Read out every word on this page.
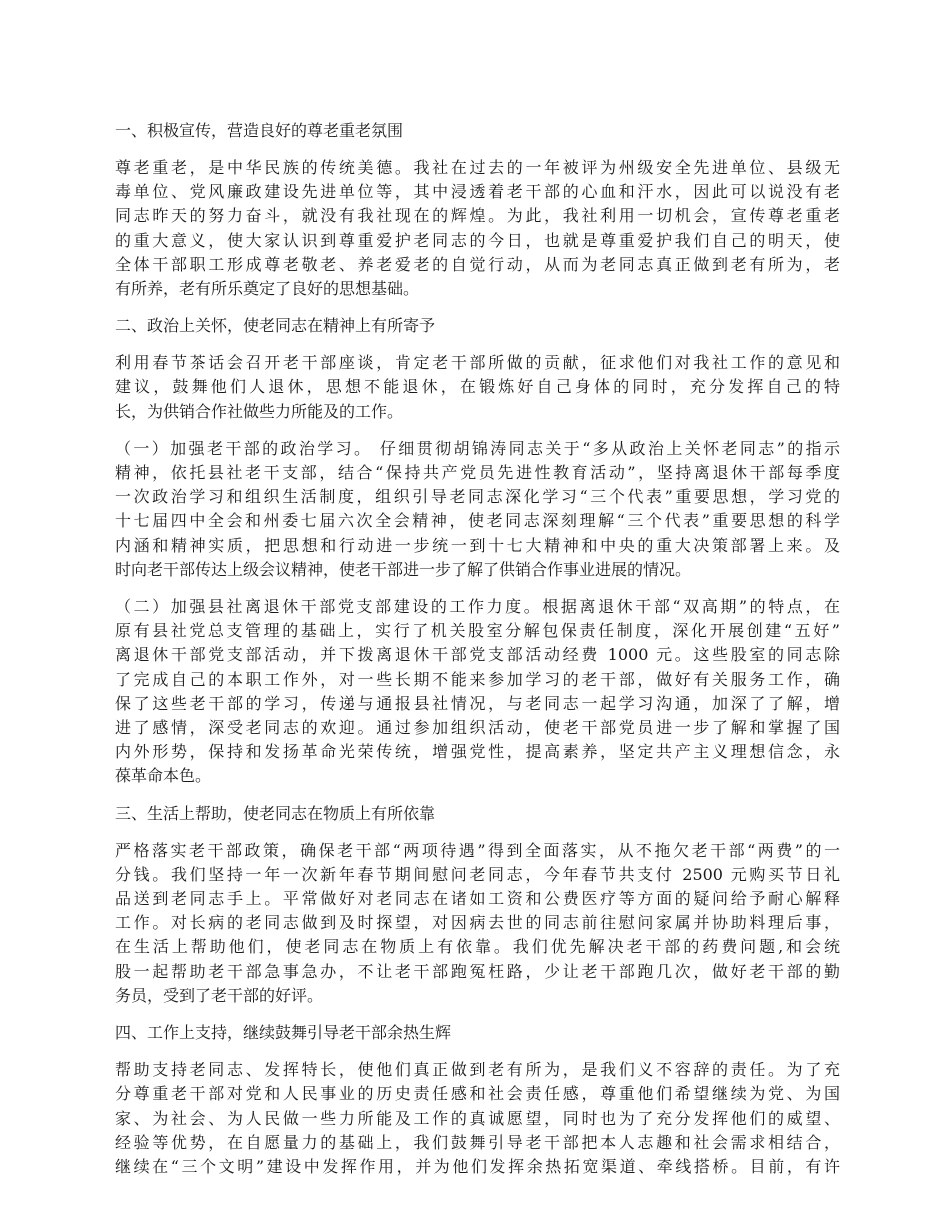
一、积极宣传，营造良好的尊老重老氛围
尊老重老，是中华民族的传统美德。我社在过去的一年被评为州级安全先进单位、县级无
毒单位、党风廉政建设先进单位等，其中浸透着老干部的心血和汗水，因此可以说没有老
同志昨天的努力奋斗，就没有我社现在的辉煌。为此，我社利用一切机会，宣传尊老重老
的重大意义，使大家认识到尊重爱护老同志的今日，也就是尊重爱护我们自己的明天，使
全体干部职工形成尊老敬老、养老爱老的自觉行动，从而为老同志真正做到老有所为，老
有所养，老有所乐奠定了良好的思想基础。
二、政治上关怀，使老同志在精神上有所寄予
利用春节茶话会召开老干部座谈，肯定老干部所做的贡献，征求他们对我社工作的意见和
建议，鼓舞他们人退休，思想不能退休，在锻炼好自己身体的同时，充分发挥自己的特
长，为供销合作社做些力所能及的工作。
（一）加强老干部的政治学习。 仔细贯彻胡锦涛同志关于“多从政治上关怀老同志”的指示
精神，依托县社老干支部，结合“保持共产党员先进性教育活动”，坚持离退休干部每季度
一次政治学习和组织生活制度，组织引导老同志深化学习“三个代表”重要思想，学习党的
十七届四中全会和州委七届六次全会精神，使老同志深刻理解“三个代表”重要思想的科学
内涵和精神实质，把思想和行动进一步统一到十七大精神和中央的重大决策部署上来。及
时向老干部传达上级会议精神，使老干部进一步了解了供销合作事业进展的情况。
（二）加强县社离退休干部党支部建设的工作力度。根据离退休干部“双高期”的特点，在
原有县社党总支管理的基础上，实行了机关股室分解包保责任制度，深化开展创建“五好”
离退休干部党支部活动，并下拨离退休干部党支部活动经费 1000 元。这些股室的同志除
了完成自己的本职工作外，对一些长期不能来参加学习的老干部，做好有关服务工作，确
保了这些老干部的学习，传递与通报县社情况，与老同志一起学习沟通，加深了了解，增
进了感情，深受老同志的欢迎。通过参加组织活动，使老干部党员进一步了解和掌握了国
内外形势，保持和发扬革命光荣传统，增强党性，提高素养，坚定共产主义理想信念，永
葆革命本色。
三、生活上帮助，使老同志在物质上有所依靠
严格落实老干部政策，确保老干部“两项待遇”得到全面落实，从不拖欠老干部“两费”的一
分钱。我们坚持一年一次新年春节期间慰问老同志，今年春节共支付 2500 元购买节日礼
品送到老同志手上。平常做好对老同志在诸如工资和公费医疗等方面的疑问给予耐心解释
工作。对长病的老同志做到及时探望，对因病去世的同志前往慰问家属并协助料理后事，
在生活上帮助他们，使老同志在物质上有依靠。我们优先解决老干部的药费问题,和会统
股一起帮助老干部急事急办，不让老干部跑冤枉路，少让老干部跑几次，做好老干部的勤
务员，受到了老干部的好评。
四、工作上支持，继续鼓舞引导老干部余热生辉
帮助支持老同志、发挥特长，使他们真正做到老有所为，是我们义不容辞的责任。为了充
分尊重老干部对党和人民事业的历史责任感和社会责任感，尊重他们希望继续为党、为国
家、为社会、为人民做一些力所能及工作的真诚愿望，同时也为了充分发挥他们的威望、
经验等优势，在自愿量力的基础上，我们鼓舞引导老干部把本人志趣和社会需求相结合，
继续在“三个文明”建设中发挥作用，并为他们发挥余热拓宽渠道、牵线搭桥。目前，有许
